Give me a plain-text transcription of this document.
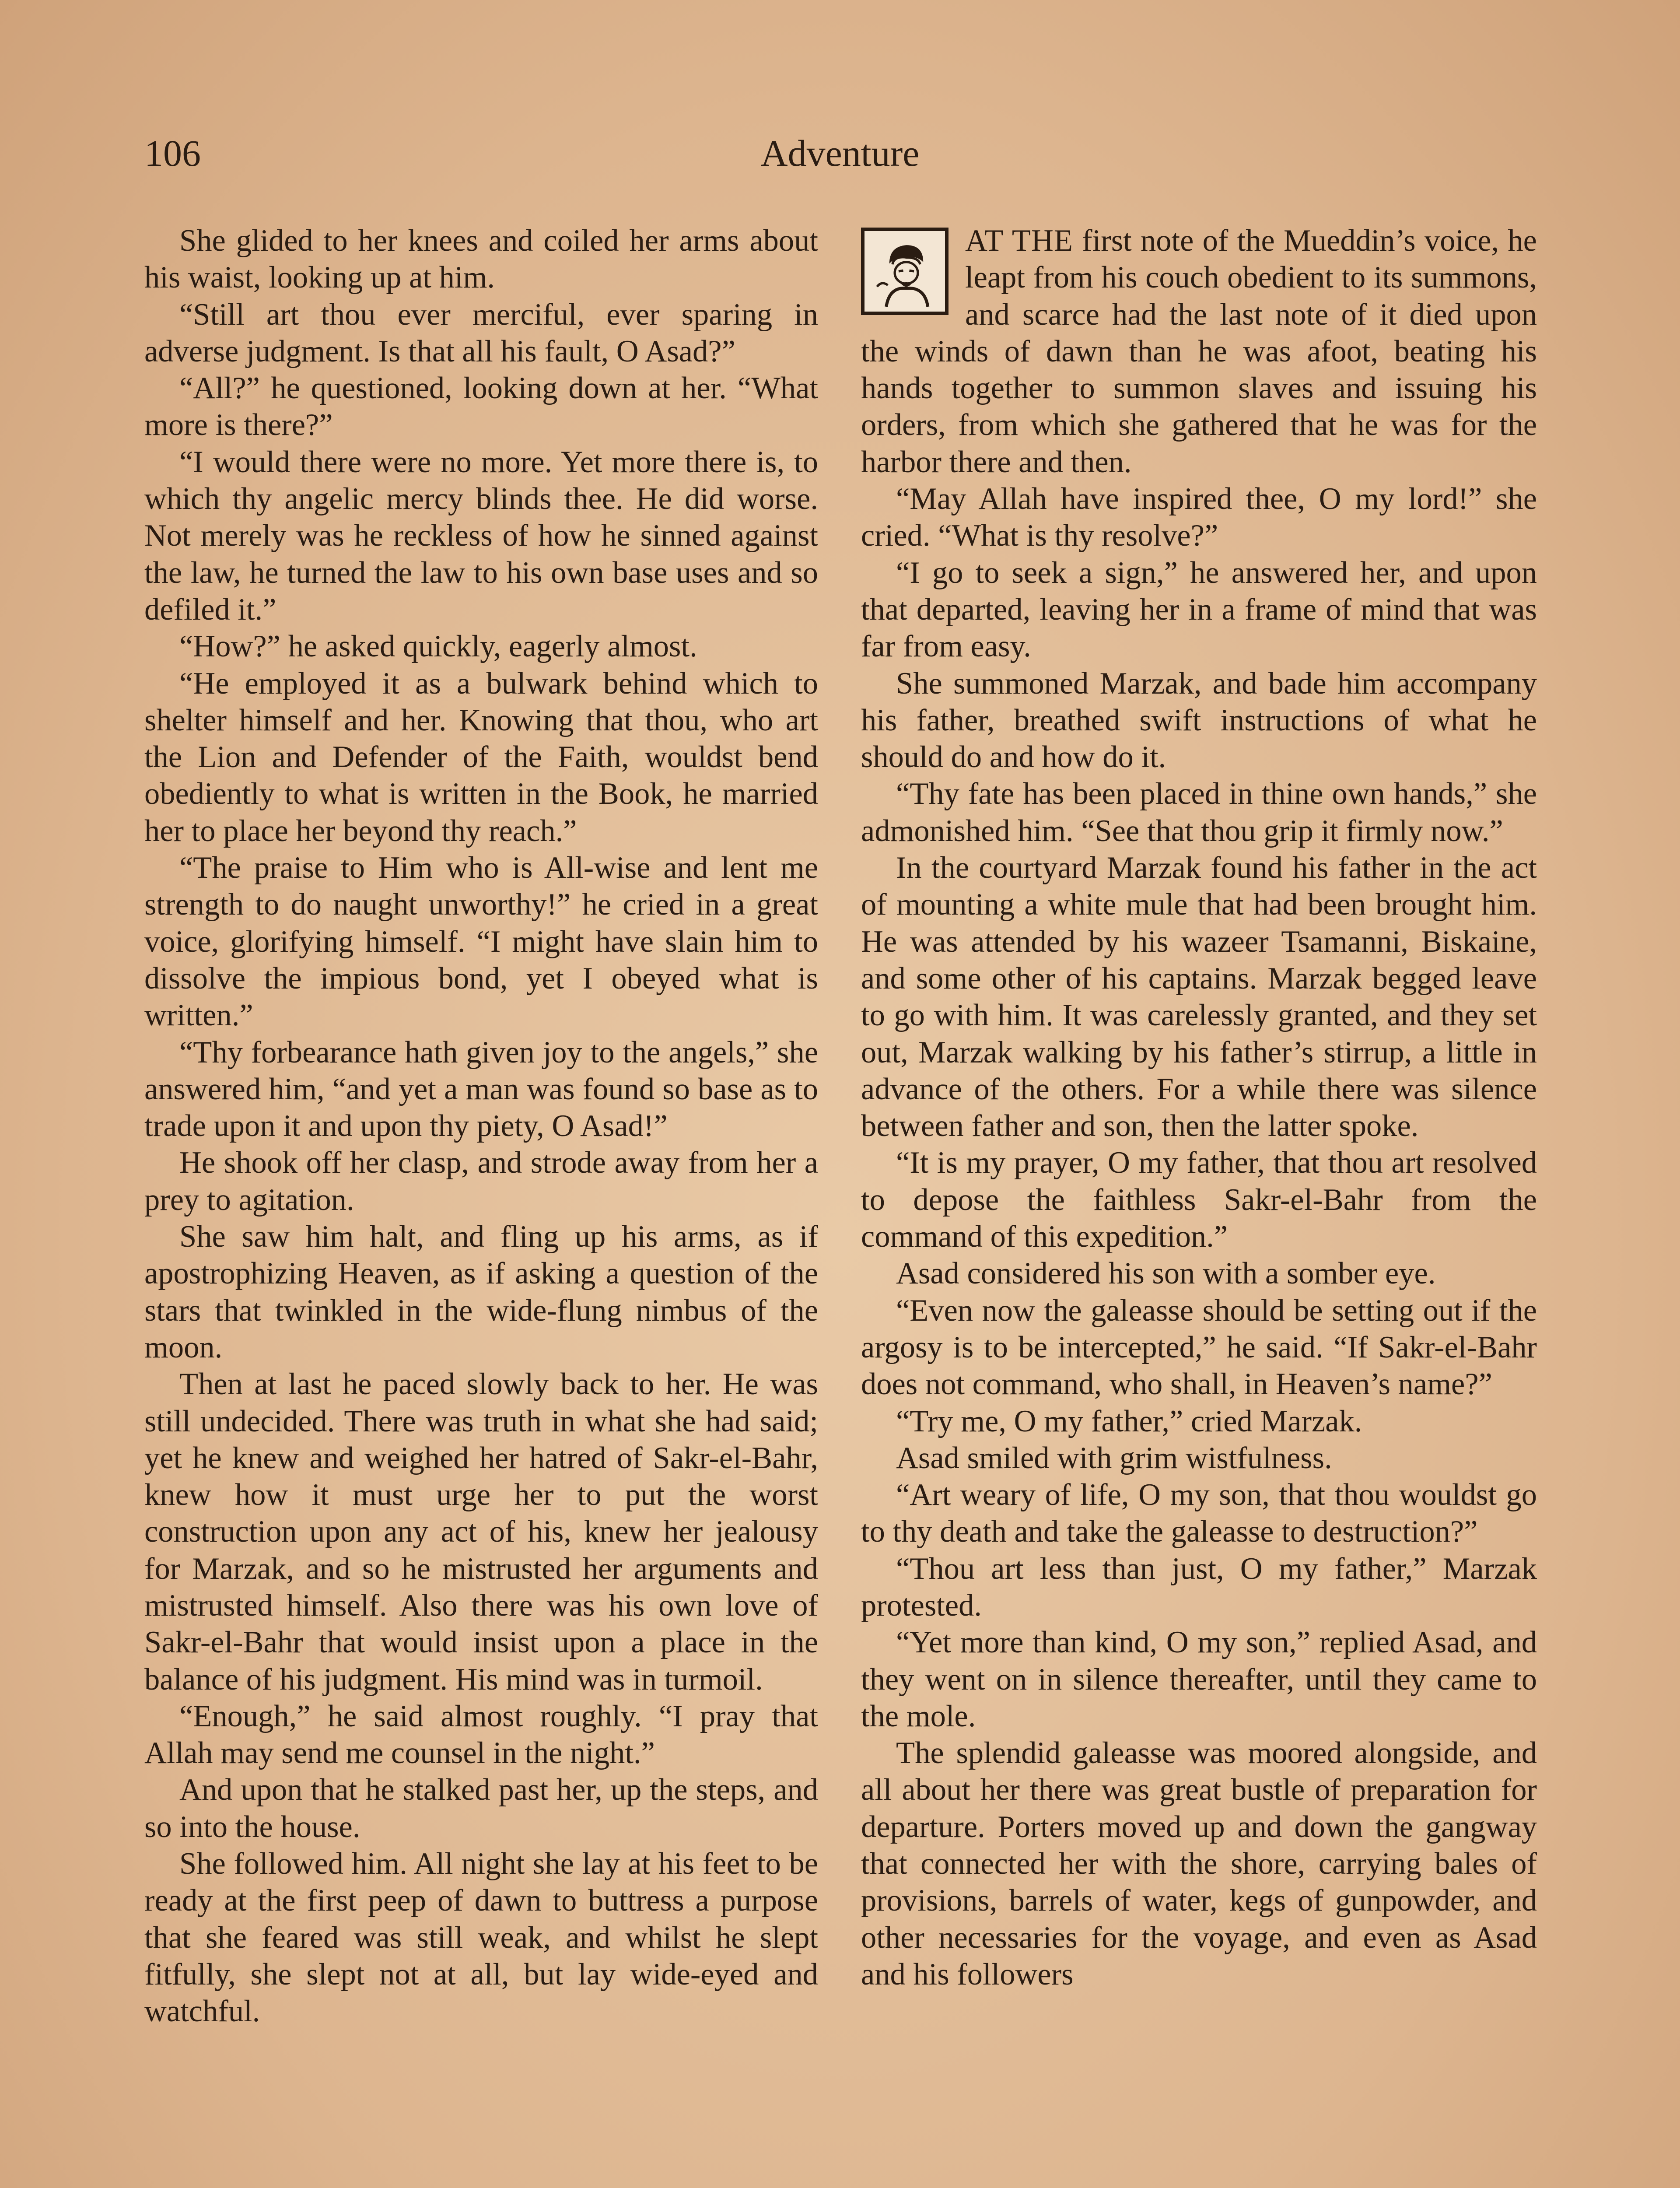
106	Adventure

She glided to her knees and coiled her arms about his waist, looking up at him.

“Still art thou ever merciful, ever sparing in adverse judgment. Is that all his fault, O Asad?”

“All?” he questioned, looking down at her. “What more is there?”

“I would there were no more. Yet more there is, to which thy angelic mercy blinds thee. He did worse. Not merely was he reckless of how he sinned against the law, he turned the law to his own base uses and so defiled it.”

“How?” he asked quickly, eagerly almost.

“He employed it as a bulwark behind which to shelter himself and her. Knowing that thou, who art the Lion and Defender of the Faith, wouldst bend obediently to what is written in the Book, he married her to place her beyond thy reach.”

“The praise to Him who is All-wise and lent me strength to do naught unworthy!” he cried in a great voice, glorifying himself. “I might have slain him to dissolve the impious bond, yet I obeyed what is written.”

“Thy forbearance hath given joy to the angels,” she answered him, “and yet a man was found so base as to trade upon it and upon thy piety, O Asad!”

He shook off her clasp, and strode away from her a prey to agitation.

She saw him halt, and fling up his arms, as if apostrophizing Heaven, as if asking a question of the stars that twinkled in the wide-flung nimbus of the moon.

Then at last he paced slowly back to her. He was still undecided. There was truth in what she had said; yet he knew and weighed her hatred of Sakr-el-Bahr, knew how it must urge her to put the worst construction upon any act of his, knew her jealousy for Marzak, and so he mistrusted her arguments and mistrusted himself. Also there was his own love of Sakr-el-Bahr that would insist upon a place in the balance of his judgment. His mind was in turmoil.

“Enough,” he said almost roughly. “I pray that Allah may send me counsel in the night.”

And upon that he stalked past her, up the steps, and so into the house.

She followed him. All night she lay at his feet to be ready at the first peep of dawn to buttress a purpose that she feared was still weak, and whilst he slept fitfully, she slept not at all, but lay wide-eyed and watchful.

AT THE first note of the Mueddin’s voice, he leapt from his couch obedient to its summons, and scarce had the last note of it died upon the winds of dawn than he was afoot, beating his hands together to summon slaves and issuing his orders, from which she gathered that he was for the harbor there and then.

“May Allah have inspired thee, O my lord!” she cried. “What is thy resolve?”

“I go to seek a sign,” he answered her, and upon that departed, leaving her in a frame of mind that was far from easy.

She summoned Marzak, and bade him accompany his father, breathed swift instructions of what he should do and how do it.

“Thy fate has been placed in thine own hands,” she admonished him. “See that thou grip it firmly now.”

In the courtyard Marzak found his father in the act of mounting a white mule that had been brought him. He was attended by his wazeer Tsamanni, Biskaine, and some other of his captains. Marzak begged leave to go with him. It was carelessly granted, and they set out, Marzak walking by his father’s stirrup, a little in advance of the others. For a while there was silence between father and son, then the latter spoke.

“It is my prayer, O my father, that thou art resolved to depose the faithless Sakr-el-Bahr from the command of this expedition.”

Asad considered his son with a somber eye.

“Even now the galeasse should be setting out if the argosy is to be intercepted,” he said. “If Sakr-el-Bahr does not command, who shall, in Heaven’s name?”

“Try me, O my father,” cried Marzak.

Asad smiled with grim wistfulness.

“Art weary of life, O my son, that thou wouldst go to thy death and take the galeasse to destruction?”

“Thou art less than just, O my father,” Marzak protested.

“Yet more than kind, O my son,” replied Asad, and they went on in silence thereafter, until they came to the mole.

The splendid galeasse was moored alongside, and all about her there was great bustle of preparation for departure. Porters moved up and down the gangway that connected her with the shore, carrying bales of provisions, barrels of water, kegs of gunpowder, and other necessaries for the voyage, and even as Asad and his followers
